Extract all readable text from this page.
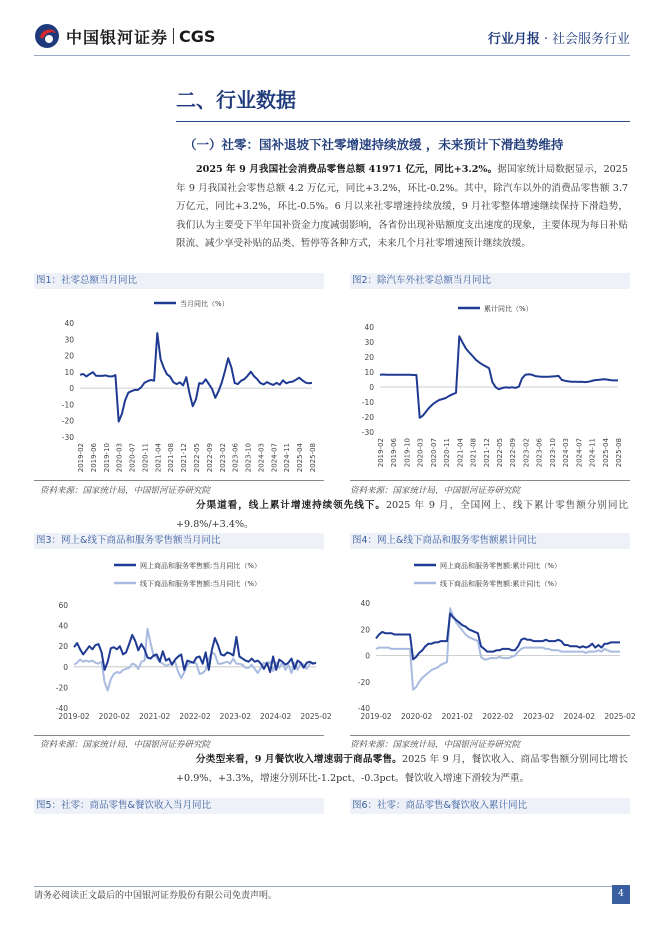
中国银河证券 CGS	行业月报 · 社会服务行业
二、行业数据
（一）社零：国补退坡下社零增速持续放缓 ，未来预计下滑趋势维持
2025 年 9 月我国社会消费品零售总额 41971 亿元，同比+3.2%。据国家统计局数据显示，2025 年 9 月我国社会零售总额 4.2 万亿元，同比+3.2%，环比-0.2%。其中，除汽车以外的消费品零售额 3.7 万亿元，同比+3.2%，环比-0.5%。6 月以来社零增速持续放缓，9 月社零整体增速继续保持下滑趋势，我们认为主要受下半年国补资金力度减弱影响，各省份出现补贴额度支出速度的现象，主要体现为每日补贴限流、减少享受补贴的品类、暂停等各种方式，未来几个月社零增速预计继续放缓。
图1：社零总额当月同比	图2：除汽车外社零总额当月同比
当月同比（%）
-30
-20
-10
0
10
20
30
40
2019-02 2019-06 2019-10 2020-03 2020-07 2020-11 2021-04 2021-08 2021-12 2022-05 2022-09 2023-02 2023-06 2023-10 2024-03 2024-07 2024-11 2025-04 2025-08
累计同比（%）
-30
-20
-10
0
10
20
30
40
2019-02 2019-06 2019-10 2020-03 2020-07 2020-11 2021-04 2021-08 2021-12 2022-05 2022-09 2023-02 2023-06 2023-10 2024-03 2024-07 2024-11 2025-04 2025-08
资料来源：国家统计局，中国银河证券研究院	资料来源：国家统计局，中国银河证券研究院
分渠道看，线上累计增速持续领先线下。2025 年 9 月，全国网上、线下累计零售额分别同比+9.8%/+3.4%。
图3：网上&线下商品和服务零售额当月同比	图4：网上&线下商品和服务零售额累计同比
网上商品和服务零售额:当月同比（%）
线下商品和服务零售额:当月同比（%）
-40
-20
0
20
40
60
2019-02 2020-02 2021-02 2022-02 2023-02 2024-02 2025-02
网上商品和服务零售额:累计同比（%）
线下商品和服务零售额:累计同比（%）
-40
-20
0
20
40
2019-02 2020-02 2021-02 2022-02 2023-02 2024-02 2025-02
资料来源：国家统计局，中国银河证券研究院	资料来源：国家统计局，中国银河证券研究院
分类型来看，9 月餐饮收入增速弱于商品零售。2025 年 9 月，餐饮收入、商品零售额分别同比增长+0.9%、+3.3%，增速分别环比-1.2pct、-0.3pct。餐饮收入增速下滑较为严重。
图5：社零：商品零售&餐饮收入当月同比	图6：社零：商品零售&餐饮收入累计同比
请务必阅读正文最后的中国银河证券股份有限公司免责声明。	4
